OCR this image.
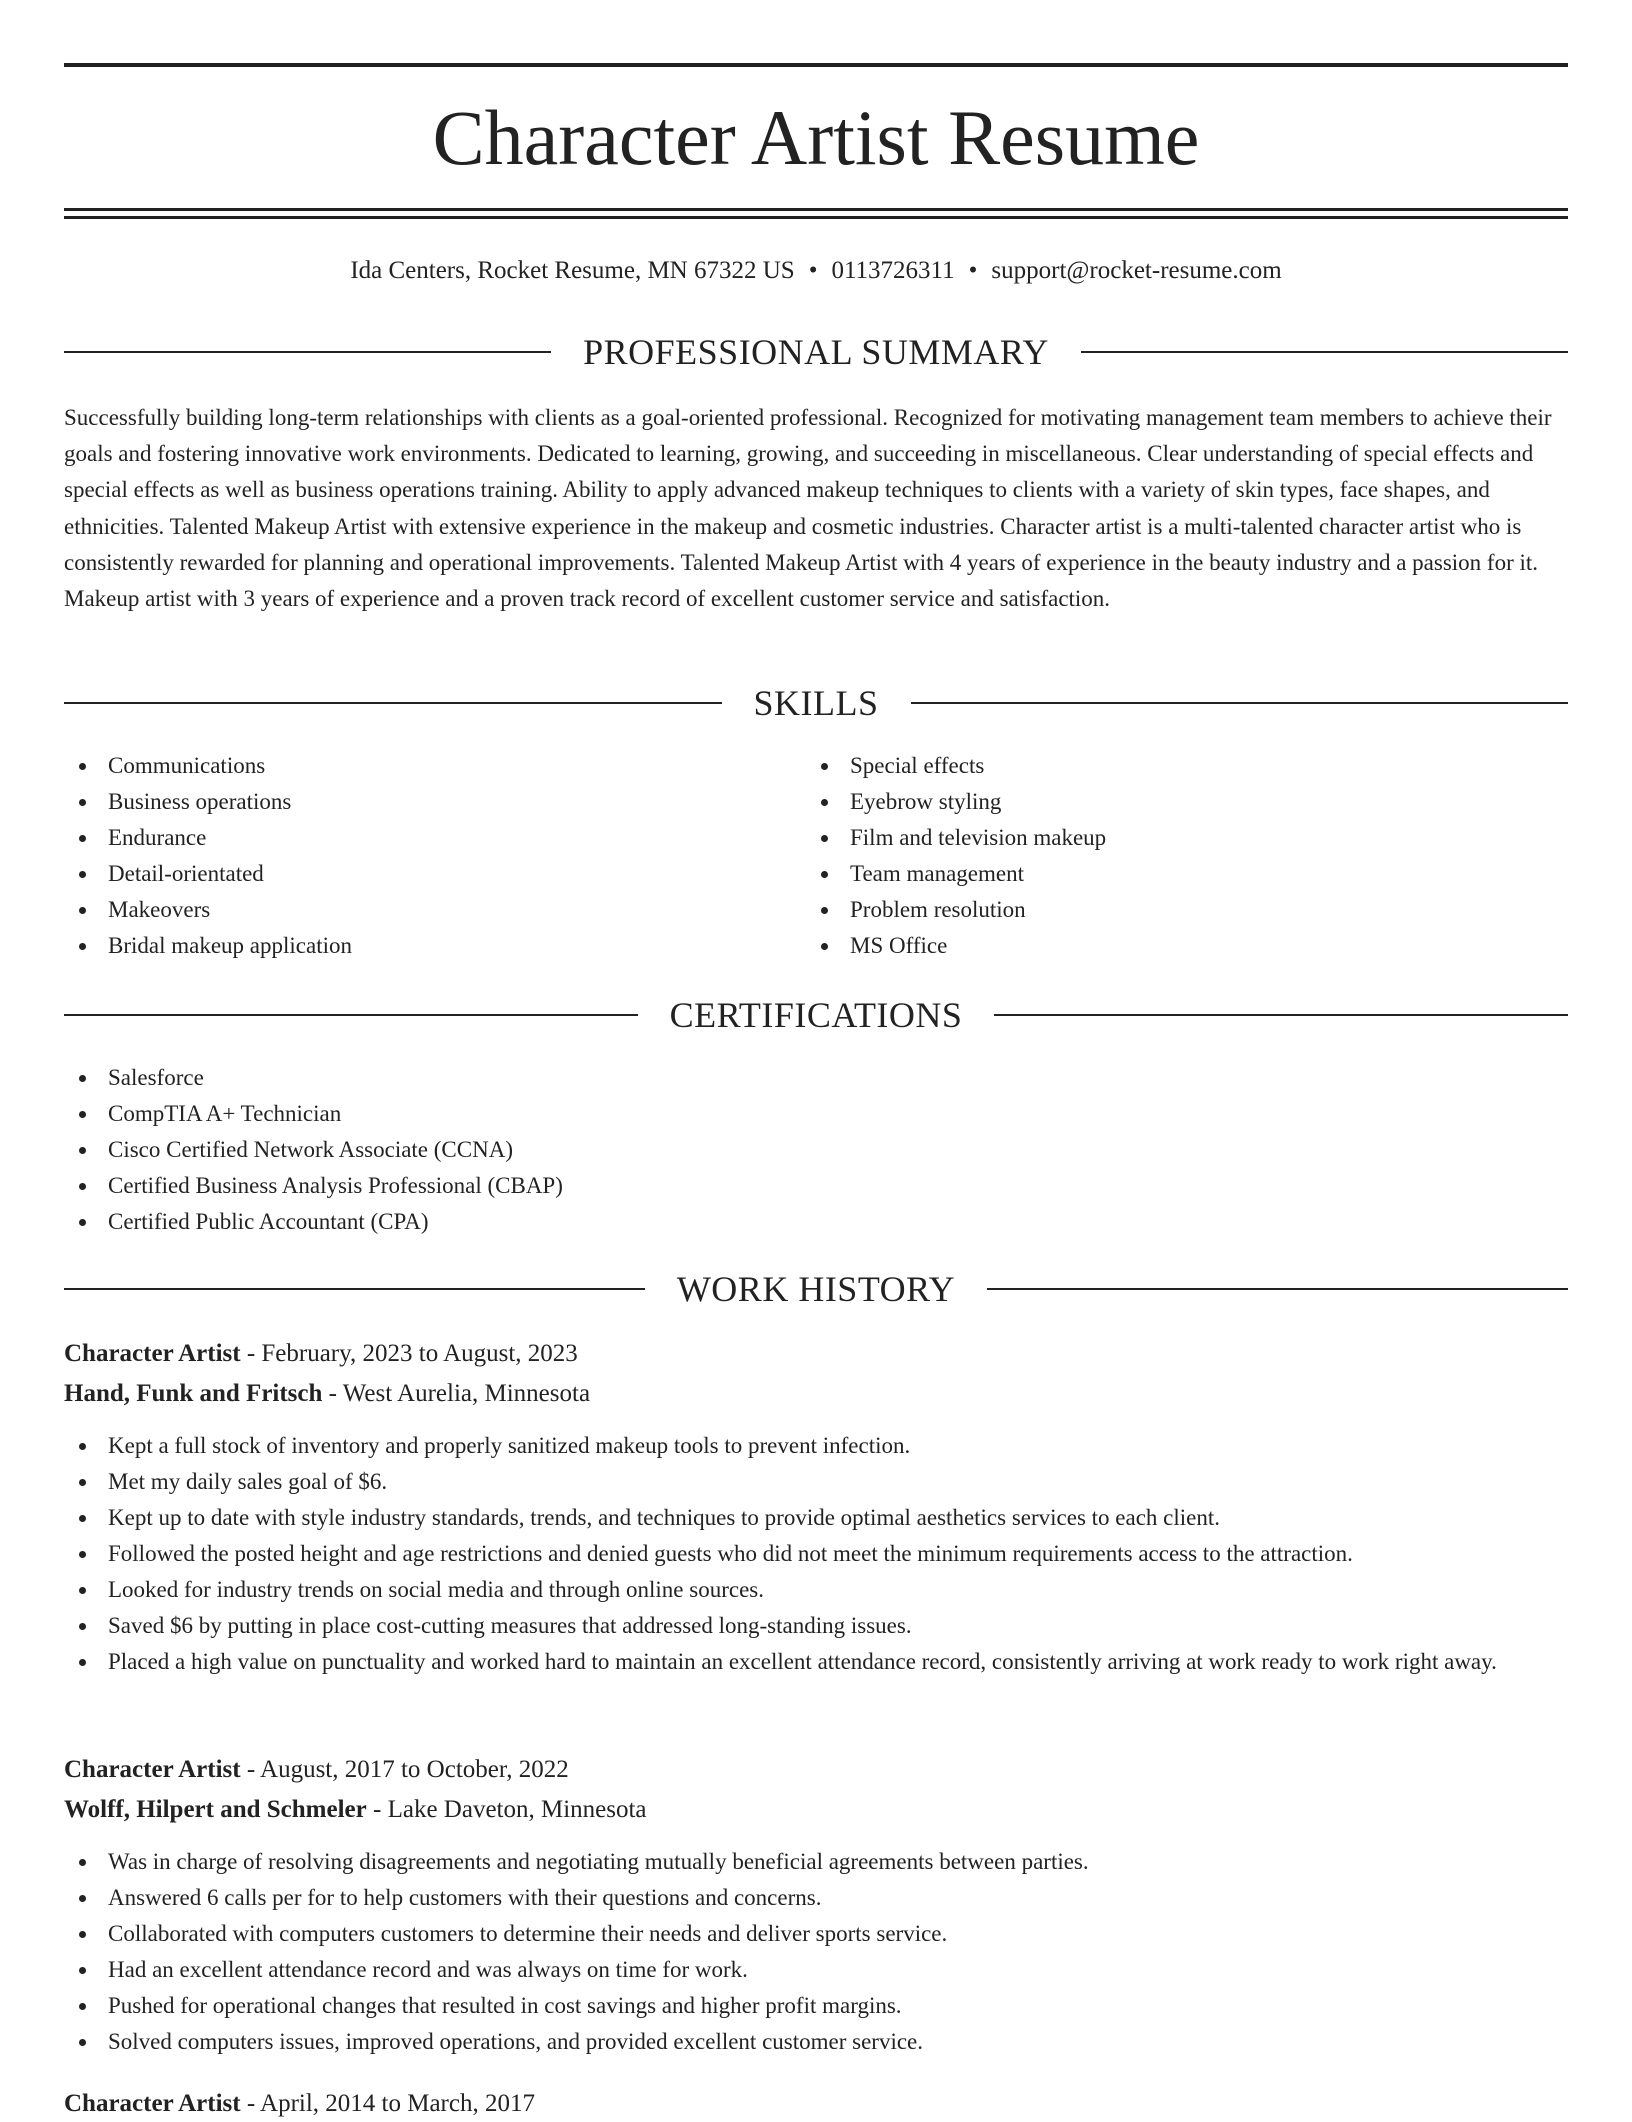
Character Artist Resume
Ida Centers, Rocket Resume, MN 67322 US • 0113726311 • support@rocket-resume.com
PROFESSIONAL SUMMARY

Successfully building long-term relationships with clients as a goal-oriented professional. Recognized for motivating management team members to achieve their goals and fostering innovative work environments. Dedicated to learning, growing, and succeeding in miscellaneous. Clear understanding of special effects and special effects as well as business operations training. Ability to apply advanced makeup techniques to clients with a variety of skin types, face shapes, and ethnicities. Talented Makeup Artist with extensive experience in the makeup and cosmetic industries. Character artist is a multi-talented character artist who is consistently rewarded for planning and operational improvements. Talented Makeup Artist with 4 years of experience in the beauty industry and a passion for it. Makeup artist with 3 years of experience and a proven track record of excellent customer service and satisfaction.

SKILLS
Communications
Business operations
Endurance
Detail-orientated
Makeovers
Bridal makeup application
Special effects
Eyebrow styling
Film and television makeup
Team management
Problem resolution
MS Office
CERTIFICATIONS
Salesforce
CompTIA A+ Technician
Cisco Certified Network Associate (CCNA)
Certified Business Analysis Professional (CBAP)
Certified Public Accountant (CPA)
WORK HISTORY
Character Artist - February, 2023 to August, 2023
Hand, Funk and Fritsch - West Aurelia, Minnesota
Kept a full stock of inventory and properly sanitized makeup tools to prevent infection.
Met my daily sales goal of $6.
Kept up to date with style industry standards, trends, and techniques to provide optimal aesthetics services to each client.
Followed the posted height and age restrictions and denied guests who did not meet the minimum requirements access to the attraction.
Looked for industry trends on social media and through online sources.
Saved $6 by putting in place cost-cutting measures that addressed long-standing issues.
Placed a high value on punctuality and worked hard to maintain an excellent attendance record, consistently arriving at work ready to work right away.
Character Artist - August, 2017 to October, 2022
Wolff, Hilpert and Schmeler - Lake Daveton, Minnesota
Was in charge of resolving disagreements and negotiating mutually beneficial agreements between parties.
Answered 6 calls per for to help customers with their questions and concerns.
Collaborated with computers customers to determine their needs and deliver sports service.
Had an excellent attendance record and was always on time for work.
Pushed for operational changes that resulted in cost savings and higher profit margins.
Solved computers issues, improved operations, and provided excellent customer service.
Character Artist - April, 2014 to March, 2017
